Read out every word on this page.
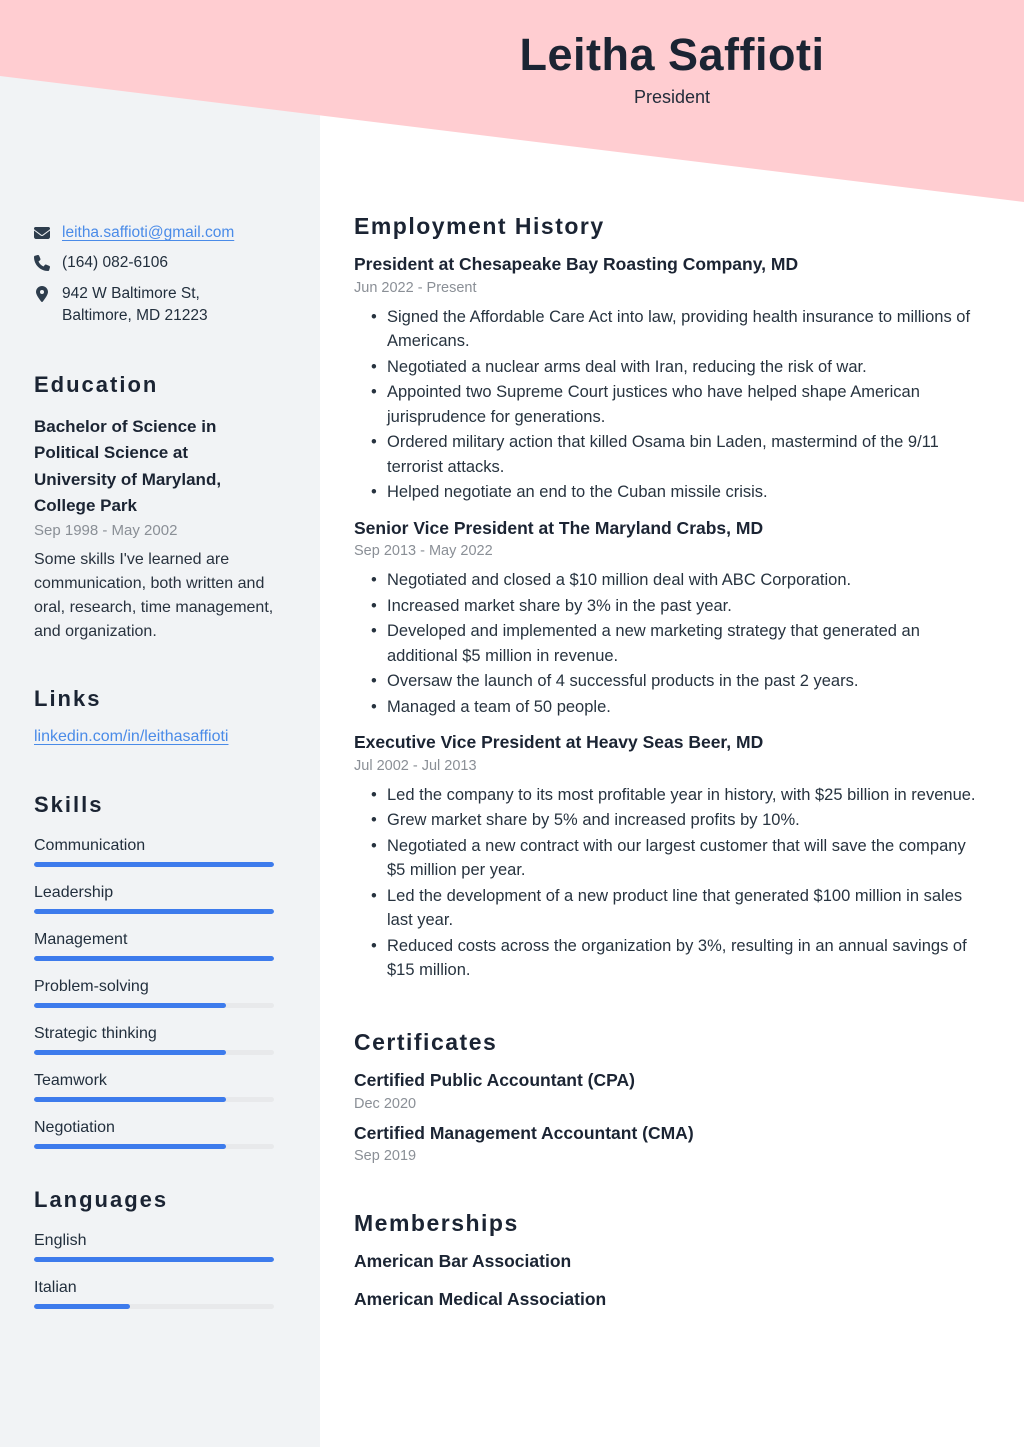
Leitha Saffioti
President
leitha.saffioti@gmail.com
(164) 082-6106
942 W Baltimore St,
Baltimore, MD 21223
Education
Bachelor of Science in Political Science at University of Maryland, College Park
Sep 1998 - May 2002
Some skills I've learned are communication, both written and oral, research, time management, and organization.
Links
linkedin.com/in/leithasaffioti
Skills
Communication
Leadership
Management
Problem-solving
Strategic thinking
Teamwork
Negotiation
Languages
English
Italian
Employment History
President at Chesapeake Bay Roasting Company, MD
Jun 2022 - Present
• Signed the Affordable Care Act into law, providing health insurance to millions of Americans.
• Negotiated a nuclear arms deal with Iran, reducing the risk of war.
• Appointed two Supreme Court justices who have helped shape American jurisprudence for generations.
• Ordered military action that killed Osama bin Laden, mastermind of the 9/11 terrorist attacks.
• Helped negotiate an end to the Cuban missile crisis.
Senior Vice President at The Maryland Crabs, MD
Sep 2013 - May 2022
• Negotiated and closed a $10 million deal with ABC Corporation.
• Increased market share by 3% in the past year.
• Developed and implemented a new marketing strategy that generated an additional $5 million in revenue.
• Oversaw the launch of 4 successful products in the past 2 years.
• Managed a team of 50 people.
Executive Vice President at Heavy Seas Beer, MD
Jul 2002 - Jul 2013
• Led the company to its most profitable year in history, with $25 billion in revenue.
• Grew market share by 5% and increased profits by 10%.
• Negotiated a new contract with our largest customer that will save the company $5 million per year.
• Led the development of a new product line that generated $100 million in sales last year.
• Reduced costs across the organization by 3%, resulting in an annual savings of $15 million.
Certificates
Certified Public Accountant (CPA)
Dec 2020
Certified Management Accountant (CMA)
Sep 2019
Memberships
American Bar Association
American Medical Association
